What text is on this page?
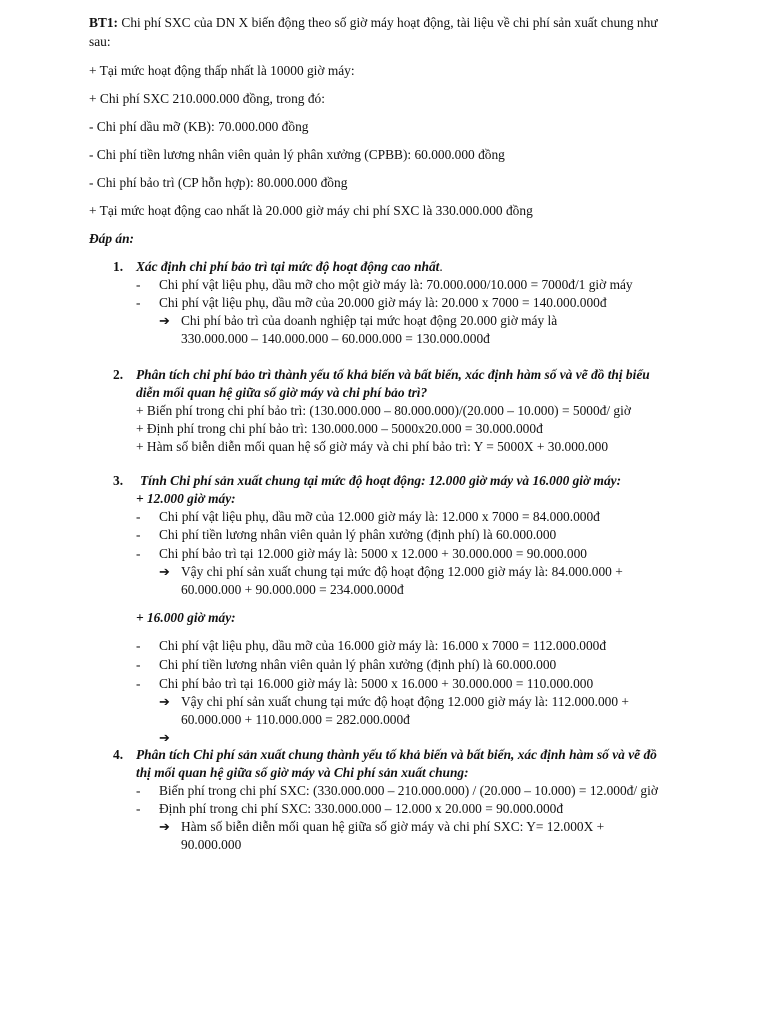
BT1: Chi phí SXC của DN X biến động theo số giờ máy hoạt động, tài liệu về chi phí sản xuất chung như
sau:
+ Tại mức hoạt động thấp nhất là 10000 giờ máy:
+ Chi phí SXC 210.000.000 đồng, trong đó:
- Chi phí dầu mỡ (KB): 70.000.000 đồng
- Chi phí tiền lương nhân viên quản lý phân xưởng (CPBB): 60.000.000 đồng
- Chi phí bảo trì (CP hỗn hợp): 80.000.000 đồng
+ Tại mức hoạt động cao nhất là 20.000 giờ máy chi phí SXC là 330.000.000 đồng
Đáp án:
1. Xác định chi phí bảo trì tại mức độ hoạt động cao nhất.
- Chi phí vật liệu phụ, dầu mỡ cho một giờ máy là: 70.000.000/10.000 = 7000đ/1 giờ máy
- Chi phí vật liệu phụ, dầu mỡ của 20.000 giờ máy là: 20.000 x 7000 = 140.000.000đ
➔ Chi phí bảo trì của doanh nghiệp tại mức hoạt động 20.000 giờ máy là
330.000.000 – 140.000.000 – 60.000.000 = 130.000.000đ
2. Phân tích chi phí bảo trì thành yếu tố khả biến và bất biến, xác định hàm số và vẽ đồ thị biểu
diễn mối quan hệ giữa số giờ máy và chi phí bảo trì?
+ Biến phí trong chi phí bảo trì: (130.000.000 – 80.000.000)/(20.000 – 10.000) = 5000đ/ giờ
+ Định phí trong chi phí bảo trì: 130.000.000 – 5000x20.000 = 30.000.000đ
+ Hàm số biễn diễn mối quan hệ số giờ máy và chi phí bảo trì: Y = 5000X + 30.000.000
3. Tính Chi phí sản xuất chung tại mức độ hoạt động: 12.000 giờ máy và 16.000 giờ máy:
+ 12.000 giờ máy:
- Chi phí vật liệu phụ, dầu mỡ của 12.000 giờ máy là: 12.000 x 7000 = 84.000.000đ
- Chi phí tiền lương nhân viên quản lý phân xưởng (định phí) là 60.000.000
- Chi phí bảo trì tại 12.000 giờ máy là: 5000 x 12.000 + 30.000.000 = 90.000.000
➔ Vậy chi phí sản xuất chung tại mức độ hoạt động 12.000 giờ máy là: 84.000.000 +
60.000.000 + 90.000.000 = 234.000.000đ
+ 16.000 giờ máy:
- Chi phí vật liệu phụ, dầu mỡ của 16.000 giờ máy là: 16.000 x 7000 = 112.000.000đ
- Chi phí tiền lương nhân viên quản lý phân xưởng (định phí) là 60.000.000
- Chi phí bảo trì tại 16.000 giờ máy là: 5000 x 16.000 + 30.000.000 = 110.000.000
➔ Vậy chi phí sản xuất chung tại mức độ hoạt động 12.000 giờ máy là: 112.000.000 +
60.000.000 + 110.000.000 = 282.000.000đ
➔
4. Phân tích Chi phí sản xuất chung thành yếu tố khả biến và bất biến, xác định hàm số và vẽ đồ
thị mối quan hệ giữa số giờ máy và Chi phí sản xuất chung:
- Biến phí trong chi phí SXC: (330.000.000 – 210.000.000) / (20.000 – 10.000) = 12.000đ/ giờ
- Định phí trong chi phí SXC: 330.000.000 – 12.000 x 20.000 = 90.000.000đ
➔ Hàm số biễn diễn mối quan hệ giữa số giờ máy và chi phí SXC: Y= 12.000X +
90.000.000
